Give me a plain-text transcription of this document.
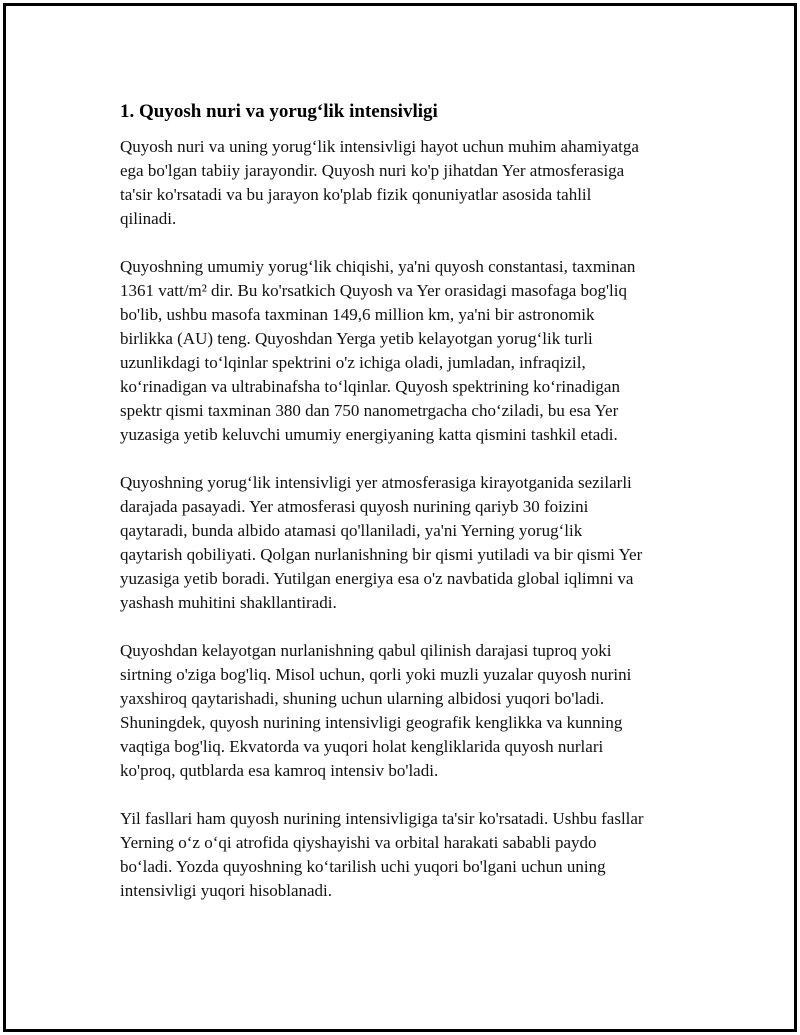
1. Quyosh nuri va yorug‘lik intensivligi
Quyosh nuri va uning yorug‘lik intensivligi hayot uchun muhim ahamiyatga
ega bo'lgan tabiiy jarayondir. Quyosh nuri ko'p jihatdan Yer atmosferasiga
ta'sir ko'rsatadi va bu jarayon ko'plab fizik qonuniyatlar asosida tahlil
qilinadi.
Quyoshning umumiy yorug‘lik chiqishi, ya'ni quyosh constantasi, taxminan
1361 vatt/m² dir. Bu ko'rsatkich Quyosh va Yer orasidagi masofaga bog'liq
bo'lib, ushbu masofa taxminan 149,6 million km, ya'ni bir astronomik
birlikka (AU) teng. Quyoshdan Yerga yetib kelayotgan yorug‘lik turli
uzunlikdagi to‘lqinlar spektrini o'z ichiga oladi, jumladan, infraqizil,
ko‘rinadigan va ultrabinafsha to‘lqinlar. Quyosh spektrining ko‘rinadigan
spektr qismi taxminan 380 dan 750 nanometrgacha cho‘ziladi, bu esa Yer
yuzasiga yetib keluvchi umumiy energiyaning katta qismini tashkil etadi.
Quyoshning yorug‘lik intensivligi yer atmosferasiga kirayotganida sezilarli
darajada pasayadi. Yer atmosferasi quyosh nurining qariyb 30 foizini
qaytaradi, bunda albido atamasi qo'llaniladi, ya'ni Yerning yorug‘lik
qaytarish qobiliyati. Qolgan nurlanishning bir qismi yutiladi va bir qismi Yer
yuzasiga yetib boradi. Yutilgan energiya esa o'z navbatida global iqlimni va
yashash muhitini shakllantiradi.
Quyoshdan kelayotgan nurlanishning qabul qilinish darajasi tuproq yoki
sirtning o'ziga bog'liq. Misol uchun, qorli yoki muzli yuzalar quyosh nurini
yaxshiroq qaytarishadi, shuning uchun ularning albidosi yuqori bo'ladi.
Shuningdek, quyosh nurining intensivligi geografik kenglikka va kunning
vaqtiga bog'liq. Ekvatorda va yuqori holat kengliklarida quyosh nurlari
ko'proq, qutblarda esa kamroq intensiv bo'ladi.
Yil fasllari ham quyosh nurining intensivligiga ta'sir ko'rsatadi. Ushbu fasllar
Yerning o‘z o‘qi atrofida qiyshayishi va orbital harakati sababli paydo
bo‘ladi. Yozda quyoshning ko‘tarilish uchi yuqori bo'lgani uchun uning
intensivligi yuqori hisoblanadi.
